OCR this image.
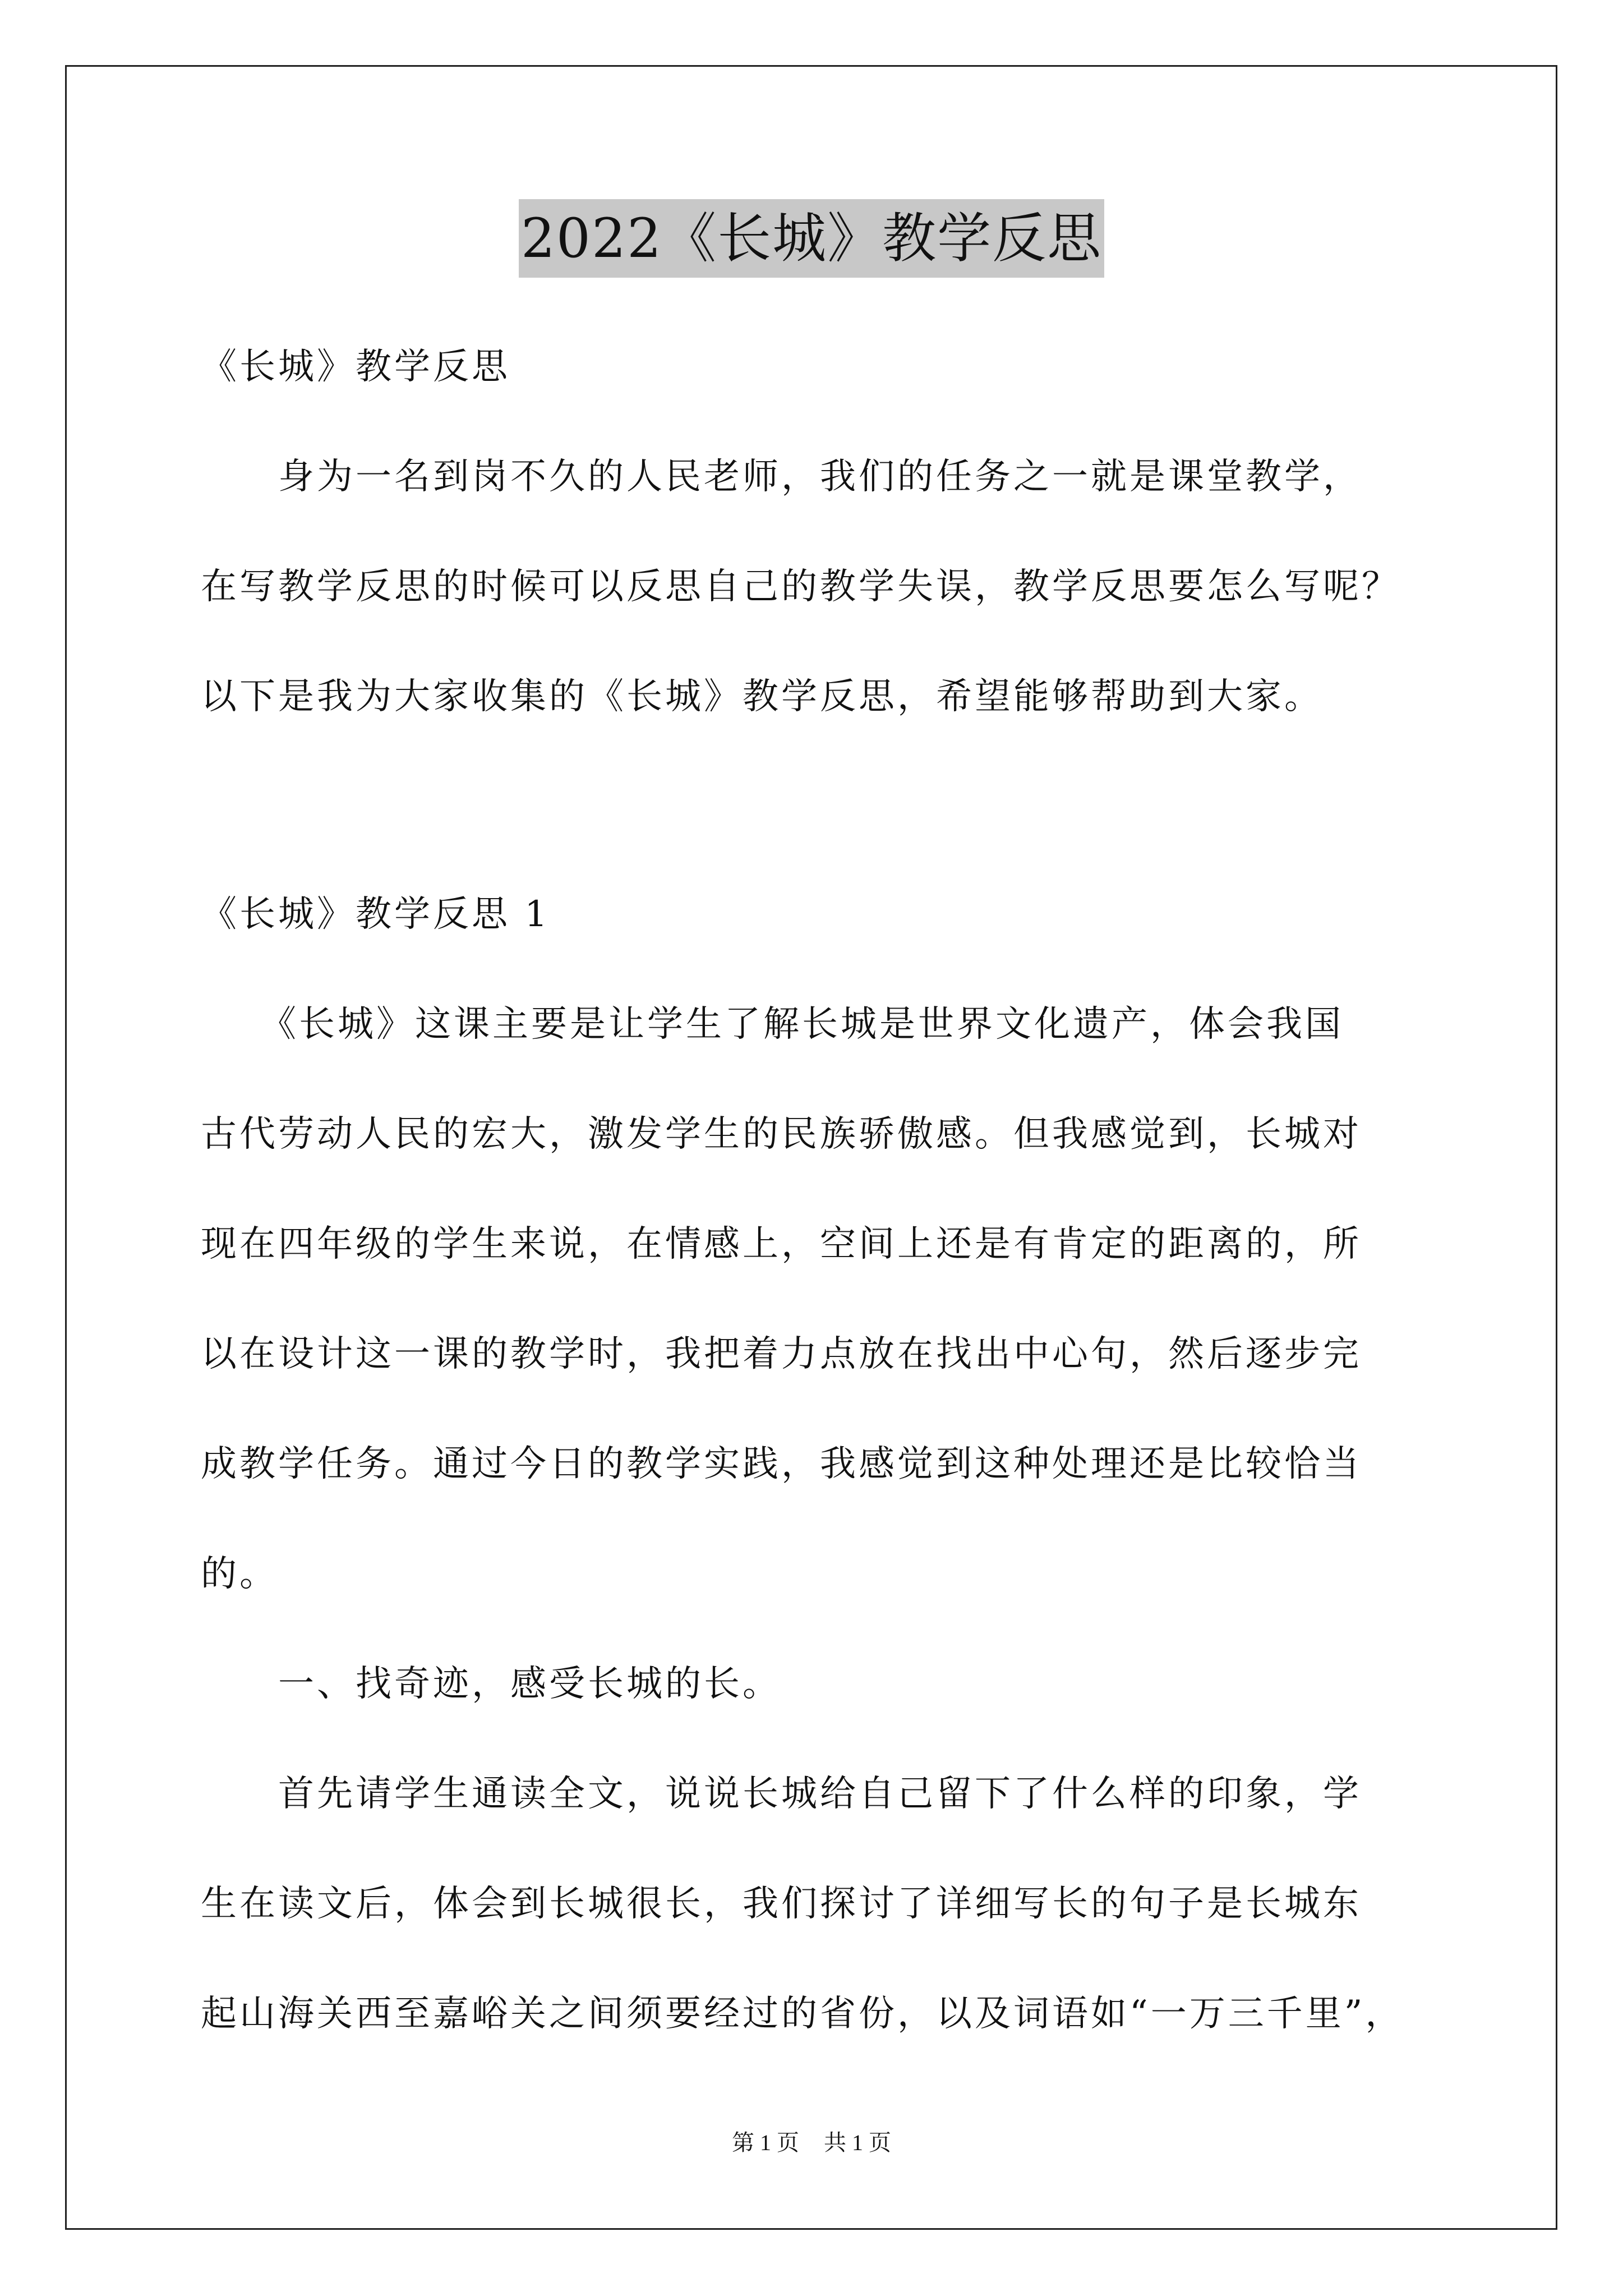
2022《长城》教学反思

《长城》教学反思

　　身为一名到岗不久的人民老师，我们的任务之一就是课堂教学，
在写教学反思的时候可以反思自己的教学失误，教学反思要怎么写呢？
以下是我为大家收集的《长城》教学反思，希望能够帮助到大家。

《长城》教学反思 1

　　《长城》这课主要是让学生了解长城是世界文化遗产，体会我国
古代劳动人民的宏大，激发学生的民族骄傲感。但我感觉到，长城对
现在四年级的学生来说，在情感上，空间上还是有肯定的距离的，所
以在设计这一课的教学时，我把着力点放在找出中心句，然后逐步完
成教学任务。通过今日的教学实践，我感觉到这种处理还是比较恰当
的。

　　一、找奇迹，感受长城的长。

　　首先请学生通读全文，说说长城给自己留下了什么样的印象，学
生在读文后，体会到长城很长，我们探讨了详细写长的句子是长城东
起山海关西至嘉峪关之间须要经过的省份，以及词语如“一万三千里”，

第 1 页 共 1 页
